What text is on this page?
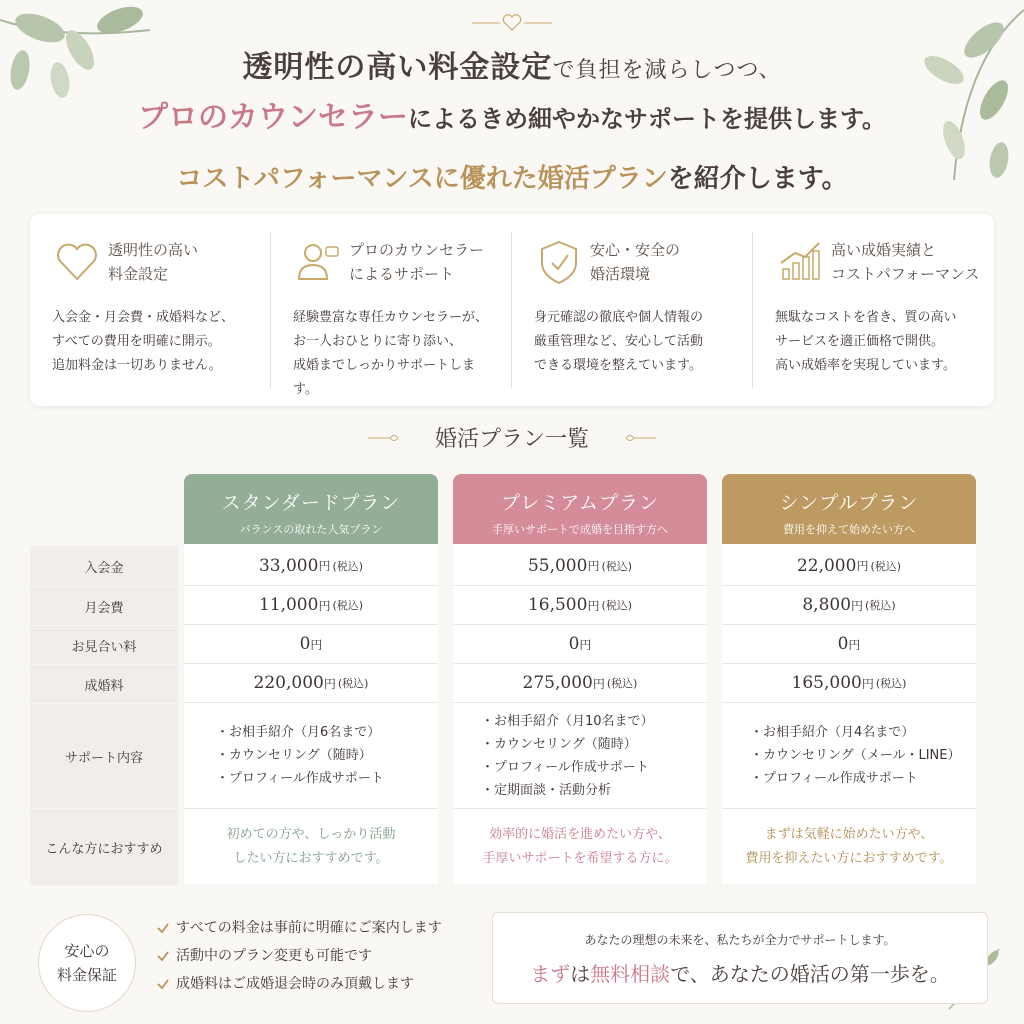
透明性の高い料金設定で負担を減らしつつ、
プロのカウンセラーによるきめ細やかなサポートを提供します。
コストパフォーマンスに優れた婚活プランを紹介します。
透明性の高い
料金設定
入会金・月会費・成婚料など、
すべての費用を明確に開示。
追加料金は一切ありません。
プロのカウンセラー
によるサポート
経験豊富な専任カウンセラーが、
お一人おひとりに寄り添い、
成婚までしっかりサポートします。
安心・安全の
婚活環境
身元確認の徹底や個人情報の
厳重管理など、安心して活動
できる環境を整えています。
高い成婚実績と
コストパフォーマンス
無駄なコストを省き、質の高い
サービスを適正価格で開供。
高い成婚率を実現しています。
婚活プラン一覧
入会金
月会費
お見合い料
成婚料
サポート内容
こんな方におすすめ
スタンダードプラン
バランスの取れた人気プラン
33,000 円 (税込)
11,000 円 (税込)
0 円
220,000 円 (税込)
・お相手紹介（月6名まで）
・カウンセリング（随時）
・プロフィール作成サポート
初めての方や、しっかり活動
したい方におすすめです。
プレミアムプラン
手厚いサポートで成婚を目指す方へ
55,000 円 (税込)
16,500 円 (税込)
0 円
275,000 円 (税込)
・お相手紹介（月10名まで）
・カウンセリング（随時）
・プロフィール作成サポート
・定期面談・活動分析
効率的に婚活を進めたい方や、
手厚いサポートを希望する方に。
シンプルプラン
費用を抑えて始めたい方へ
22,000 円 (税込)
8,800 円 (税込)
0 円
165,000 円 (税込)
・お相手紹介（月4名まで）
・カウンセリング（メール・LINE）
・プロフィール作成サポート
まずは気軽に始めたい方や、
費用を抑えたい方におすすめです。
安心の
料金保証
すべての料金は事前に明確にご案内します
活動中のプラン変更も可能です
成婚料はご成婚退会時のみ頂戴します
あなたの理想の未来を、私たちが全力でサポートします。
まずは無料相談で、あなたの婚活の第一歩を。
